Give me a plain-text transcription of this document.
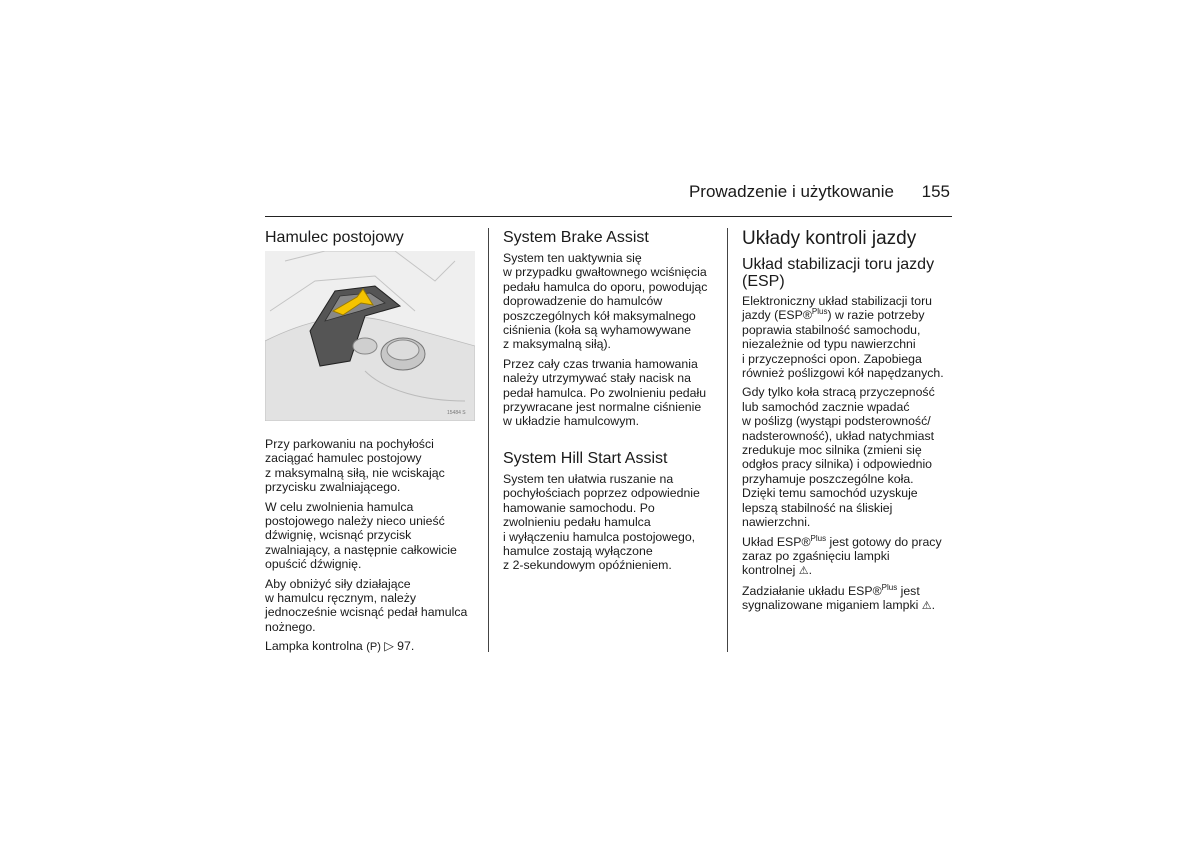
Prowadzenie i użytkowanie 155
Hamulec postojowy
15484 S

Przy parkowaniu na pochyłości
zaciągać hamulec postojowy
z maksymalną siłą, nie wciskając
przycisku zwalniającego.

W celu zwolnienia hamulca
postojowego należy nieco unieść
dźwignię, wcisnąć przycisk
zwalniający, a następnie całkowicie
opuścić dźwignię.

Aby obniżyć siły działające
w hamulcu ręcznym, należy
jednocześnie wcisnąć pedał hamulca
nożnego.

Lampka kontrolna (P) ▷ 97.

System Brake Assist

System ten uaktywnia się
w przypadku gwałtownego wciśnięcia
pedału hamulca do oporu, powodując
doprowadzenie do hamulców
poszczególnych kół maksymalnego
ciśnienia (koła są wyhamowywane
z maksymalną siłą).

Przez cały czas trwania hamowania
należy utrzymywać stały nacisk na
pedał hamulca. Po zwolnieniu pedału
przywracane jest normalne ciśnienie
w układzie hamulcowym.

System Hill Start Assist

System ten ułatwia ruszanie na
pochyłościach poprzez odpowiednie
hamowanie samochodu. Po
zwolnieniu pedału hamulca
i wyłączeniu hamulca postojowego,
hamulce zostają wyłączone
z 2-sekundowym opóźnieniem.

Układy kontroli jazdy
Układ stabilizacji toru jazdy
(ESP)

Elektroniczny układ stabilizacji toru
jazdy (ESP®$^{Plus}$) w razie potrzeby
poprawia stabilność samochodu,
niezależnie od typu nawierzchni
i przyczepności opon. Zapobiega
również poślizgowi kół napędzanych.

Gdy tylko koła stracą przyczepność
lub samochód zacznie wpadać
w poślizg (wystąpi podsterowność/
nadsterowność), układ natychmiast
zredukuje moc silnika (zmieni się
odgłos pracy silnika) i odpowiednio
przyhamuje poszczególne koła.
Dzięki temu samochód uzyskuje
lepszą stabilność na śliskiej
nawierzchni.

Układ ESP®$^{Plus}$ jest gotowy do pracy
zaraz po zgaśnięciu lampki
kontrolnej ⚠.

Zadziałanie układu ESP®$^{Plus}$ jest
sygnalizowane miganiem lampki ⚠.
